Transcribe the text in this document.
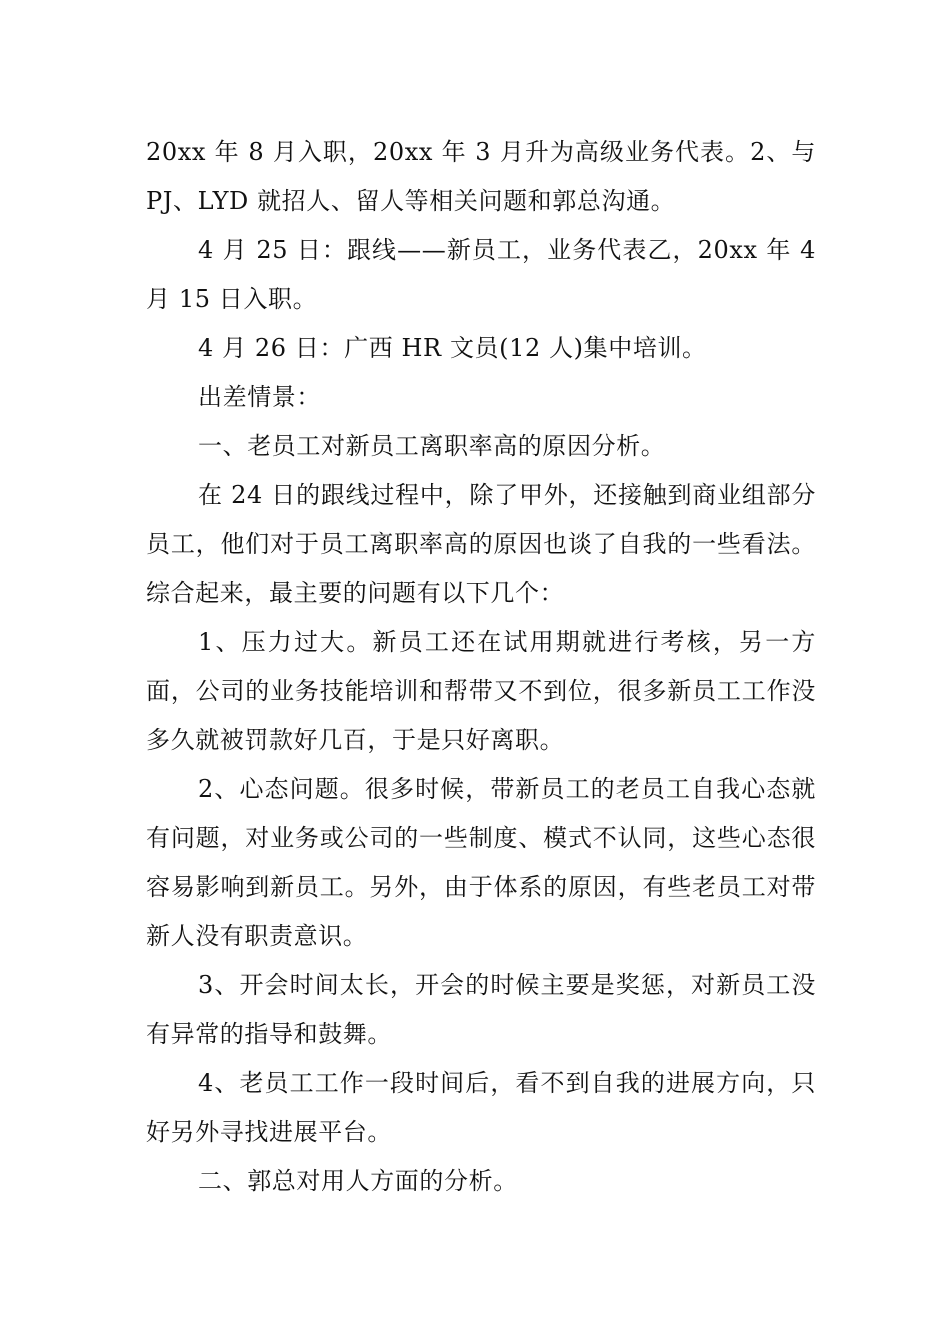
20xx 年 8 月入职，20xx 年 3 月升为高级业务代表。2、与 PJ、LYD 就招人、留人等相关问题和郭总沟通。

4 月 25 日：跟线——新员工，业务代表乙，20xx 年 4 月 15 日入职。

4 月 26 日：广西 HR 文员(12 人)集中培训。

出差情景：

一、老员工对新员工离职率高的原因分析。

在 24 日的跟线过程中，除了甲外，还接触到商业组部分员工，他们对于员工离职率高的原因也谈了自我的一些看法。综合起来，最主要的问题有以下几个：

1、压力过大。新员工还在试用期就进行考核，另一方面，公司的业务技能培训和帮带又不到位，很多新员工工作没多久就被罚款好几百，于是只好离职。

2、心态问题。很多时候，带新员工的老员工自我心态就有问题，对业务或公司的一些制度、模式不认同，这些心态很容易影响到新员工。另外，由于体系的原因，有些老员工对带新人没有职责意识。

3、开会时间太长，开会的时候主要是奖惩，对新员工没有异常的指导和鼓舞。

4、老员工工作一段时间后，看不到自我的进展方向，只好另外寻找进展平台。

二、郭总对用人方面的分析。
